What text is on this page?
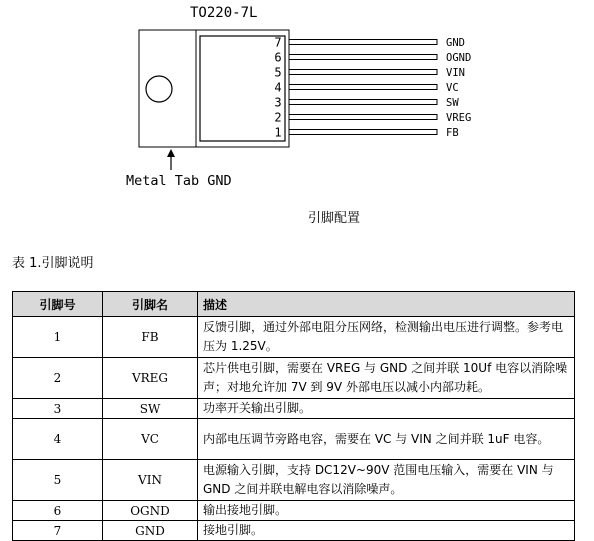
TO220-7L
7	GND
6	OGND
5	VIN
4	VC
3	SW
2	VREG
1	FB
Metal Tab GND
引脚配置
表 1.引脚说明
引脚号	引脚名	描述
1	FB	反馈引脚，通过外部电阻分压网络，检测输出电压进行调整。参考电压为 1.25V。
2	VREG	芯片供电引脚，需要在 VREG 与 GND 之间并联 10Uf 电容以消除噪声；对地允许加 7V 到 9V 外部电压以减小内部功耗。
3	SW	功率开关输出引脚。
4	VC	内部电压调节旁路电容，需要在 VC 与 VIN 之间并联 1uF 电容。
5	VIN	电源输入引脚，支持 DC12V~90V 范围电压输入，需要在 VIN 与 GND 之间并联电解电容以消除噪声。
6	OGND	输出接地引脚。
7	GND	接地引脚。
